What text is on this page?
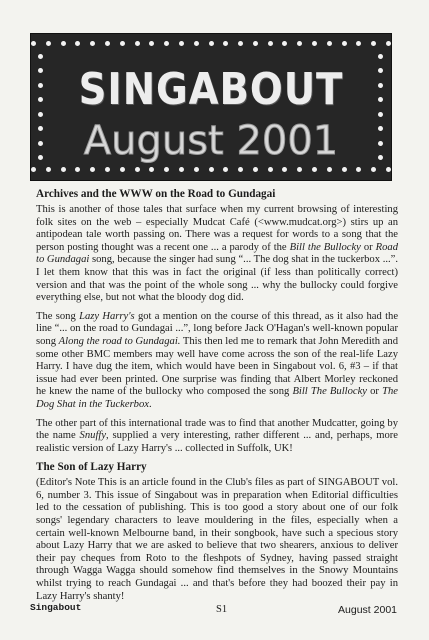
SINGABOUT
August 2001
Archives and the WWW on the Road to Gundagai

This is another of those tales that surface when my current browsing of interesting folk sites on the web – especially Mudcat Café (<www.mudcat.org>) stirs up an antipodean tale worth passing on. There was a request for words to a song that the person posting thought was a recent one ... a parody of the Bill the Bullocky or Road to Gundagai song, because the singer had sung “... The dog shat in the tuckerbox ...”. I let them know that this was in fact the original (if less than politically correct) version and that was the point of the whole song ... why the bullocky could forgive everything else, but not what the bloody dog did.

The song Lazy Harry's got a mention on the course of this thread, as it also had the line “... on the road to Gundagai ...”, long before Jack O'Hagan's well-known popular song Along the road to Gundagai. This then led me to remark that John Meredith and some other BMC members may well have come across the son of the real-life Lazy Harry. I have dug the item, which would have been in Singabout vol. 6, #3 – if that issue had ever been printed. One surprise was finding that Albert Morley reckoned he knew the name of the bullocky who composed the song Bill The Bullocky or The Dog Shat in the Tuckerbox.

The other part of this international trade was to find that another Mudcatter, going by the name Snuffy, supplied a very interesting, rather different ... and, perhaps, more realistic version of Lazy Harry's ... collected in Suffolk, UK!

The Son of Lazy Harry

(Editor's Note This is an article found in the Club's files as part of SINGABOUT vol. 6, number 3. This issue of Singabout was in preparation when Editorial difficulties led to the cessation of publishing. This is too good a story about one of our folk songs' legendary characters to leave mouldering in the files, especially when a certain well-known Melbourne band, in their songbook, have such a specious story about Lazy Harry that we are asked to believe that two shearers, anxious to deliver their pay cheques from Roto to the fleshpots of Sydney, having passed straight through Wagga Wagga should somehow find themselves in the Snowy Mountains whilst trying to reach Gundagai ... and that's before they had boozed their pay in Lazy Harry's shanty!

Singabout	S1	August 2001
